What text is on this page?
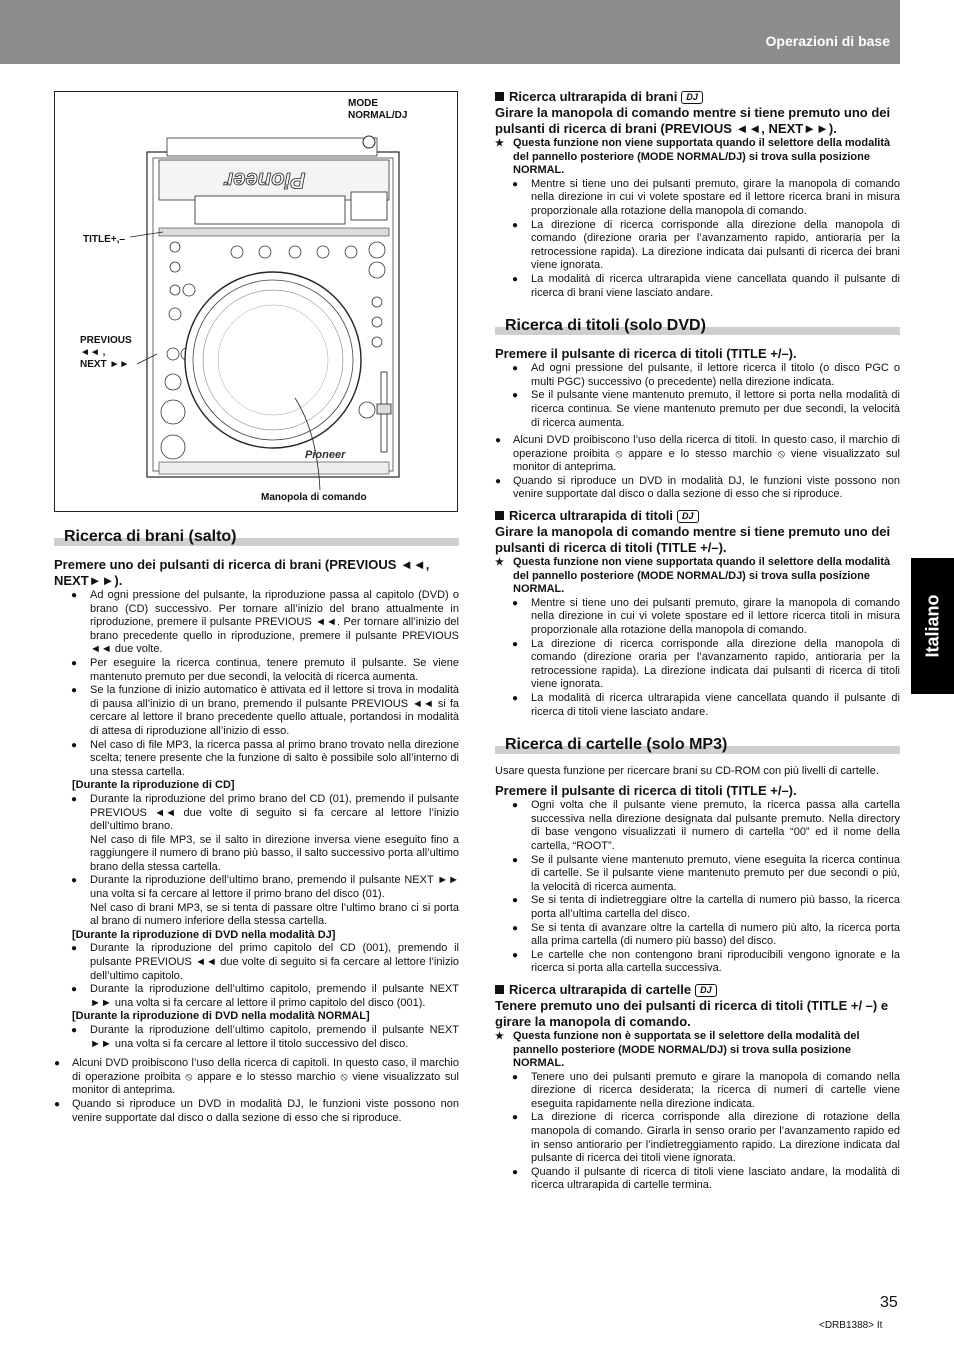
Operazioni di base
Italiano
Pioneer
Pioneer
MODE
NORMAL/DJ
TITLE+,–
PREVIOUS
◄◄ ,
NEXT ►►
Manopola di comando
Ricerca di brani (salto)
Premere uno dei pulsanti di ricerca di brani (PREVIOUS ◄◄, NEXT►►).
● Ad ogni pressione del pulsante, la riproduzione passa al capitolo (DVD) o brano (CD) successivo. Per tornare all’inizio del brano attualmente in riproduzione, premere il pulsante PREVIOUS ◄◄. Per tornare all’inizio del brano precedente quello in riproduzione, premere il pulsante PREVIOUS ◄◄ due volte.
● Per eseguire la ricerca continua, tenere premuto il pulsante. Se viene mantenuto premuto per due secondi, la velocità di ricerca aumenta.
● Se la funzione di inizio automatico è attivata ed il lettore si trova in modalità di pausa all’inizio di un brano, premendo il pulsante PREVIOUS ◄◄ si fa cercare al lettore il brano precedente quello attuale, portandosi in modalità di attesa di riproduzione all’inizio di esso.
● Nel caso di file MP3, la ricerca passa al primo brano trovato nella direzione scelta; tenere presente che la funzione di salto è possibile solo all’interno di una stessa cartella.
[Durante la riproduzione di CD]
● Durante la riproduzione del primo brano del CD (01), premendo il pulsante PREVIOUS ◄◄ due volte di seguito si fa cercare al lettore l’inizio dell’ultimo brano.
Nel caso di file MP3, se il salto in direzione inversa viene eseguito fino a raggiungere il numero di brano più basso, il salto successivo porta all’ultimo brano della stessa cartella.
● Durante la riproduzione dell’ultimo brano, premendo il pulsante NEXT ►► una volta si fa cercare al lettore il primo brano del disco (01).
Nel caso di brani MP3, se si tenta di passare oltre l’ultimo brano ci si porta al brano di numero inferiore della stessa cartella.
[Durante la riproduzione di DVD nella modalità DJ]
● Durante la riproduzione del primo capitolo del CD (001), premendo il pulsante PREVIOUS ◄◄ due volte di seguito si fa cercare al lettore l’inizio dell’ultimo capitolo.
● Durante la riproduzione dell’ultimo capitolo, premendo il pulsante NEXT ►► una volta si fa cercare al lettore il primo capitolo del disco (001).
[Durante la riproduzione di DVD nella modalità NORMAL]
● Durante la riproduzione dell’ultimo capitolo, premendo il pulsante NEXT ►► una volta si fa cercare al lettore il titolo successivo del disco.
● Alcuni DVD proibiscono l’uso della ricerca di capitoli. In questo caso, il marchio di operazione proibita ⦸ appare e lo stesso marchio ⦸ viene visualizzato sul monitor di anteprima.
● Quando si riproduce un DVD in modalità DJ, le funzioni viste possono non venire supportate dal disco o dalla sezione di esso che si riproduce.
Ricerca ultrarapida di brani DJ
Girare la manopola di comando mentre si tiene premuto uno dei pulsanti di ricerca di brani (PREVIOUS ◄◄, NEXT►►).
★ Questa funzione non viene supportata quando il selettore della modalità del pannello posteriore (MODE NORMAL/DJ) si trova sulla posizione NORMAL.
● Mentre si tiene uno dei pulsanti premuto, girare la manopola di comando nella direzione in cui vi volete spostare ed il lettore ricerca brani in misura proporzionale alla rotazione della manopola di comando.
● La direzione di ricerca corrisponde alla direzione della manopola di comando (direzione oraria per l’avanzamento rapido, antioraria per la retrocessione rapida). La direzione indicata dai pulsanti di ricerca dei brani viene ignorata.
● La modalità di ricerca ultrarapida viene cancellata quando il pulsante di ricerca di brani viene lasciato andare.
Ricerca di titoli (solo DVD)
Premere il pulsante di ricerca di titoli (TITLE +/–).
● Ad ogni pressione del pulsante, il lettore ricerca il titolo (o disco PGC o multi PGC) successivo (o precedente) nella direzione indicata.
● Se il pulsante viene mantenuto premuto, il lettore si porta nella modalità di ricerca continua. Se viene mantenuto premuto per due secondi, la velocità di ricerca aumenta.
● Alcuni DVD proibiscono l’uso della ricerca di titoli. In questo caso, il marchio di operazione proibita ⦸ appare e lo stesso marchio ⦸ viene visualizzato sul monitor di anteprima.
● Quando si riproduce un DVD in modalità DJ, le funzioni viste possono non venire supportate dal disco o dalla sezione di esso che si riproduce.
Ricerca ultrarapida di titoli DJ
Girare la manopola di comando mentre si tiene premuto uno dei pulsanti di ricerca di titoli (TITLE +/–).
★ Questa funzione non viene supportata quando il selettore della modalità del pannello posteriore (MODE NORMAL/DJ) si trova sulla posizione NORMAL.
● Mentre si tiene uno dei pulsanti premuto, girare la manopola di comando nella direzione in cui vi volete spostare ed il lettore ricerca titoli in misura proporzionale alla rotazione della manopola di comando.
● La direzione di ricerca corrisponde alla direzione della manopola di comando (direzione oraria per l’avanzamento rapido, antioraria per la retrocessione rapida). La direzione indicata dai pulsanti di ricerca di titoli viene ignorata.
● La modalità di ricerca ultrarapida viene cancellata quando il pulsante di ricerca di titoli viene lasciato andare.
Ricerca di cartelle (solo MP3)
Usare questa funzione per ricercare brani su CD-ROM con più livelli di cartelle.
Premere il pulsante di ricerca di titoli (TITLE +/–).
● Ogni volta che il pulsante viene premuto, la ricerca passa alla cartella successiva nella direzione designata dal pulsante premuto. Nella directory di base vengono visualizzati il numero di cartella “00” ed il nome della cartella, “ROOT”.
● Se il pulsante viene mantenuto premuto, viene eseguita la ricerca continua di cartelle. Se il pulsante viene mantenuto premuto per due secondi o più, la velocità di ricerca aumenta.
● Se si tenta di indietreggiare oltre la cartella di numero più basso, la ricerca porta all’ultima cartella del disco.
● Se si tenta di avanzare oltre la cartella di numero più alto, la ricerca porta alla prima cartella (di numero più basso) del disco.
● Le cartelle che non contengono brani riproducibili vengono ignorate e la ricerca si porta alla cartella successiva.
Ricerca ultrarapida di cartelle DJ
Tenere premuto uno dei pulsanti di ricerca di titoli (TITLE +/ –) e girare la manopola di comando.
★ Questa funzione non è supportata se il selettore della modalità del pannello posteriore (MODE NORMAL/DJ) si trova sulla posizione NORMAL.
● Tenere uno dei pulsanti premuto e girare la manopola di comando nella direzione di ricerca desiderata; la ricerca di numeri di cartelle viene eseguita rapidamente nella direzione indicata.
● La direzione di ricerca corrisponde alla direzione di rotazione della manopola di comando. Girarla in senso orario per l’avanzamento rapido ed in senso antiorario per l’indietreggiamento rapido. La direzione indicata dal pulsante di ricerca dei titoli viene ignorata.
● Quando il pulsante di ricerca di titoli viene lasciato andare, la modalità di ricerca ultrarapida di cartelle termina.
35
<DRB1388> It
